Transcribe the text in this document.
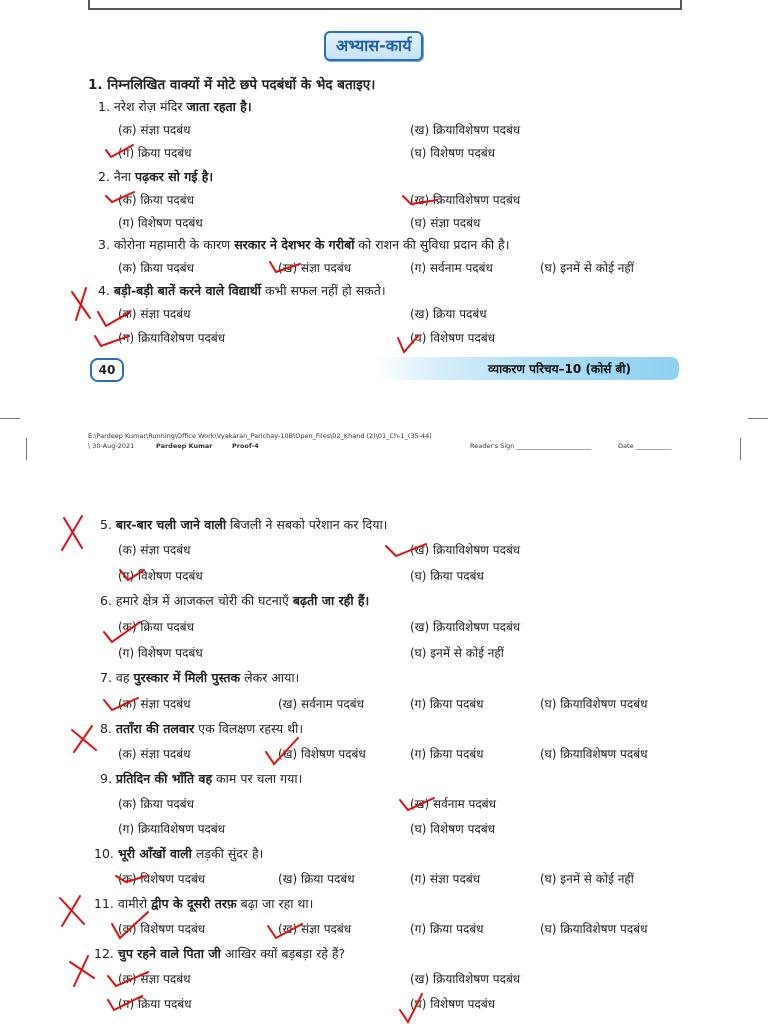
अभ्यास-कार्य
1. निम्नलिखित वाक्यों में मोटे छपे पदबंधों के भेद बताइए।
1. नरेश रोज़ मंदिर जाता रहता है।
(क) संज्ञा पदबंध	(ख) क्रियाविशेषण पदबंध
(ग) क्रिया पदबंध	(घ) विशेषण पदबंध
2. नैना पढ़कर सो गई है।
(क) क्रिया पदबंध	(ख) क्रियाविशेषण पदबंध
(ग) विशेषण पदबंध	(घ) संज्ञा पदबंध
3. कोरोना महामारी के कारण सरकार ने देशभर के गरीबों को राशन की सुविधा प्रदान की है।
(क) क्रिया पदबंध	(ख) संज्ञा पदबंध	(ग) सर्वनाम पदबंध	(घ) इनमें से कोई नहीं
4. बड़ी-बड़ी बातें करने वाले विद्यार्थी कभी सफल नहीं हो सकते।
(क) संज्ञा पदबंध	(ख) क्रिया पदबंध
(ग) क्रियाविशेषण पदबंध	(घ) विशेषण पदबंध
40	व्याकरण परिचय–10 (कोर्स बी)
E:\Pardeep Kumar\Running\Office Work\Vyakaran_Parichay-10B\Open_Files\02_Khand (2)\01_Ch-1_(35-44)
\ 30-Aug-2021	Pardeep Kumar	Proof-4	Reader's Sign _______________________	Date ___________
5. बार-बार चली जाने वाली बिजली ने सबको परेशान कर दिया।
(क) संज्ञा पदबंध	(ख) क्रियाविशेषण पदबंध
(ग) विशेषण पदबंध	(घ) क्रिया पदबंध
6. हमारे क्षेत्र में आजकल चोरी की घटनाएँ बढ़ती जा रही हैं।
(क) क्रिया पदबंध	(ख) क्रियाविशेषण पदबंध
(ग) विशेषण पदबंध	(घ) इनमें से कोई नहीं
7. वह पुरस्कार में मिली पुस्तक लेकर आया।
(क) संज्ञा पदबंध	(ख) सर्वनाम पदबंध	(ग) क्रिया पदबंध	(घ) क्रियाविशेषण पदबंध
8. तताँरा की तलवार एक विलक्षण रहस्य थी।
(क) संज्ञा पदबंध	(ख) विशेषण पदबंध	(ग) क्रिया पदबंध	(घ) क्रियाविशेषण पदबंध
9. प्रतिदिन की भाँति वह काम पर चला गया।
(क) क्रिया पदबंध	(ख) सर्वनाम पदबंध
(ग) क्रियाविशेषण पदबंध	(घ) विशेषण पदबंध
10. भूरी आँखों वाली लड़की सुंदर है।
(क) विशेषण पदबंध	(ख) क्रिया पदबंध	(ग) संज्ञा पदबंध	(घ) इनमें से कोई नहीं
11. वामीरो द्वीप के दूसरी तरफ़ बढ़ा जा रहा था।
(क) विशेषण पदबंध	(ख) संज्ञा पदबंध	(ग) क्रिया पदबंध	(घ) क्रियाविशेषण पदबंध
12. चुप रहने वाले पिता जी आखिर क्यों बड़बड़ा रहे हैं?
(क) संज्ञा पदबंध	(ख) क्रियाविशेषण पदबंध
(ग) क्रिया पदबंध	(घ) विशेषण पदबंध
